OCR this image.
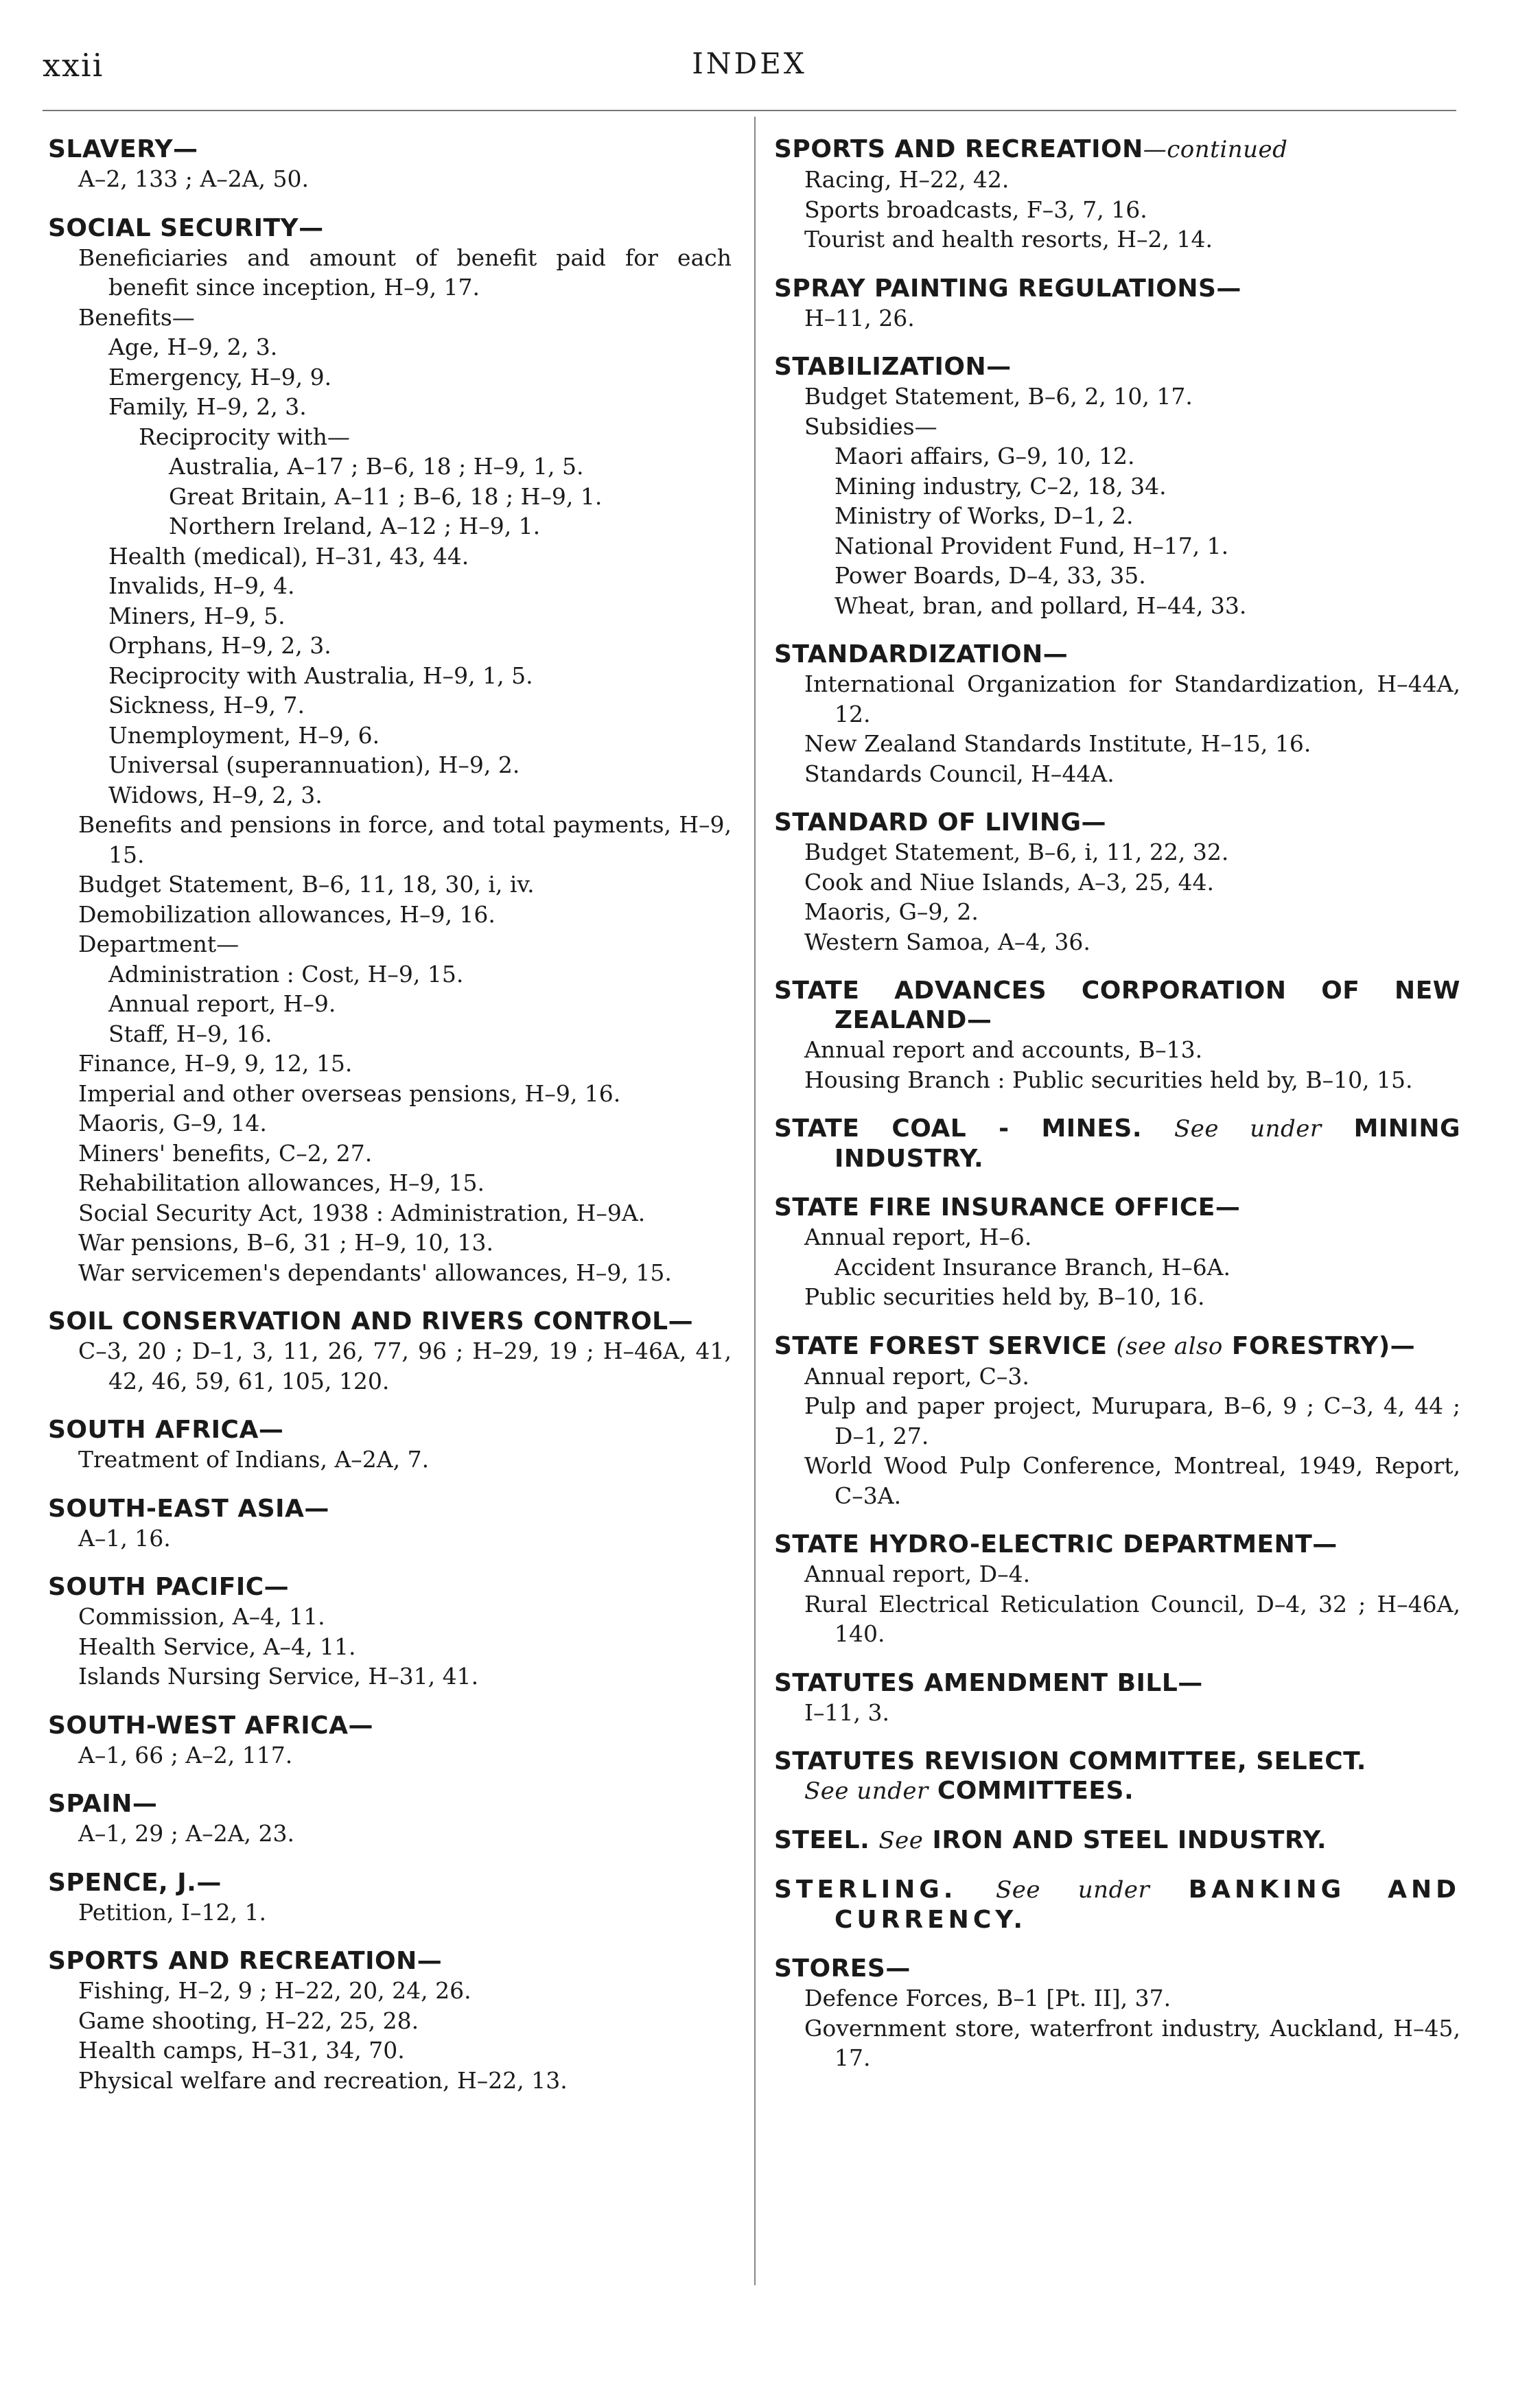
xxii	INDEX
SLAVERY—
A–2, 133 ; A–2A, 50.
SOCIAL SECURITY—
Beneficiaries and amount of benefit paid for each benefit since inception, H–9, 17.
Benefits—
Age, H–9, 2, 3.
Emergency, H–9, 9.
Family, H–9, 2, 3.
Reciprocity with—
Australia, A–17 ; B–6, 18 ; H–9, 1, 5.
Great Britain, A–11 ; B–6, 18 ; H–9, 1.
Northern Ireland, A–12 ; H–9, 1.
Health (medical), H–31, 43, 44.
Invalids, H–9, 4.
Miners, H–9, 5.
Orphans, H–9, 2, 3.
Reciprocity with Australia, H–9, 1, 5.
Sickness, H–9, 7.
Unemployment, H–9, 6.
Universal (superannuation), H–9, 2.
Widows, H–9, 2, 3.
Benefits and pensions in force, and total payments, H–9, 15.
Budget Statement, B–6, 11, 18, 30, i, iv.
Demobilization allowances, H–9, 16.
Department—
Administration : Cost, H–9, 15.
Annual report, H–9.
Staff, H–9, 16.
Finance, H–9, 9, 12, 15.
Imperial and other overseas pensions, H–9, 16.
Maoris, G–9, 14.
Miners' benefits, C–2, 27.
Rehabilitation allowances, H–9, 15.
Social Security Act, 1938 : Administration, H–9A.
War pensions, B–6, 31 ; H–9, 10, 13.
War servicemen's dependants' allowances, H–9, 15.
SOIL CONSERVATION AND RIVERS CONTROL—
C–3, 20 ; D–1, 3, 11, 26, 77, 96 ; H–29, 19 ; H–46A, 41, 42, 46, 59, 61, 105, 120.
SOUTH AFRICA—
Treatment of Indians, A–2A, 7.
SOUTH-EAST ASIA—
A–1, 16.
SOUTH PACIFIC—
Commission, A–4, 11.
Health Service, A–4, 11.
Islands Nursing Service, H–31, 41.
SOUTH-WEST AFRICA—
A–1, 66 ; A–2, 117.
SPAIN—
A–1, 29 ; A–2A, 23.
SPENCE, J.—
Petition, I–12, 1.
SPORTS AND RECREATION—
Fishing, H–2, 9 ; H–22, 20, 24, 26.
Game shooting, H–22, 25, 28.
Health camps, H–31, 34, 70.
Physical welfare and recreation, H–22, 13.
SPORTS AND RECREATION—continued
Racing, H–22, 42.
Sports broadcasts, F–3, 7, 16.
Tourist and health resorts, H–2, 14.
SPRAY PAINTING REGULATIONS—
H–11, 26.
STABILIZATION—
Budget Statement, B–6, 2, 10, 17.
Subsidies—
Maori affairs, G–9, 10, 12.
Mining industry, C–2, 18, 34.
Ministry of Works, D–1, 2.
National Provident Fund, H–17, 1.
Power Boards, D–4, 33, 35.
Wheat, bran, and pollard, H–44, 33.
STANDARDIZATION—
International Organization for Standardization, H–44A, 12.
New Zealand Standards Institute, H–15, 16.
Standards Council, H–44A.
STANDARD OF LIVING—
Budget Statement, B–6, i, 11, 22, 32.
Cook and Niue Islands, A–3, 25, 44.
Maoris, G–9, 2.
Western Samoa, A–4, 36.
STATE ADVANCES CORPORATION OF NEW ZEALAND—
Annual report and accounts, B–13.
Housing Branch : Public securities held by, B–10, 15.
STATE COAL - MINES. See under MINING INDUSTRY.
STATE FIRE INSURANCE OFFICE—
Annual report, H–6.
Accident Insurance Branch, H–6A.
Public securities held by, B–10, 16.
STATE FOREST SERVICE (see also FORESTRY)—
Annual report, C–3.
Pulp and paper project, Murupara, B–6, 9 ; C–3, 4, 44 ; D–1, 27.
World Wood Pulp Conference, Montreal, 1949, Report, C–3A.
STATE HYDRO-ELECTRIC DEPARTMENT—
Annual report, D–4.
Rural Electrical Reticulation Council, D–4, 32 ; H–46A, 140.
STATUTES AMENDMENT BILL—
I–11, 3.
STATUTES REVISION COMMITTEE, SELECT.
See under COMMITTEES.
STEEL. See IRON AND STEEL INDUSTRY.
STERLING. See under BANKING AND CURRENCY.
STORES—
Defence Forces, B–1 [Pt. II], 37.
Government store, waterfront industry, Auckland, H–45, 17.
